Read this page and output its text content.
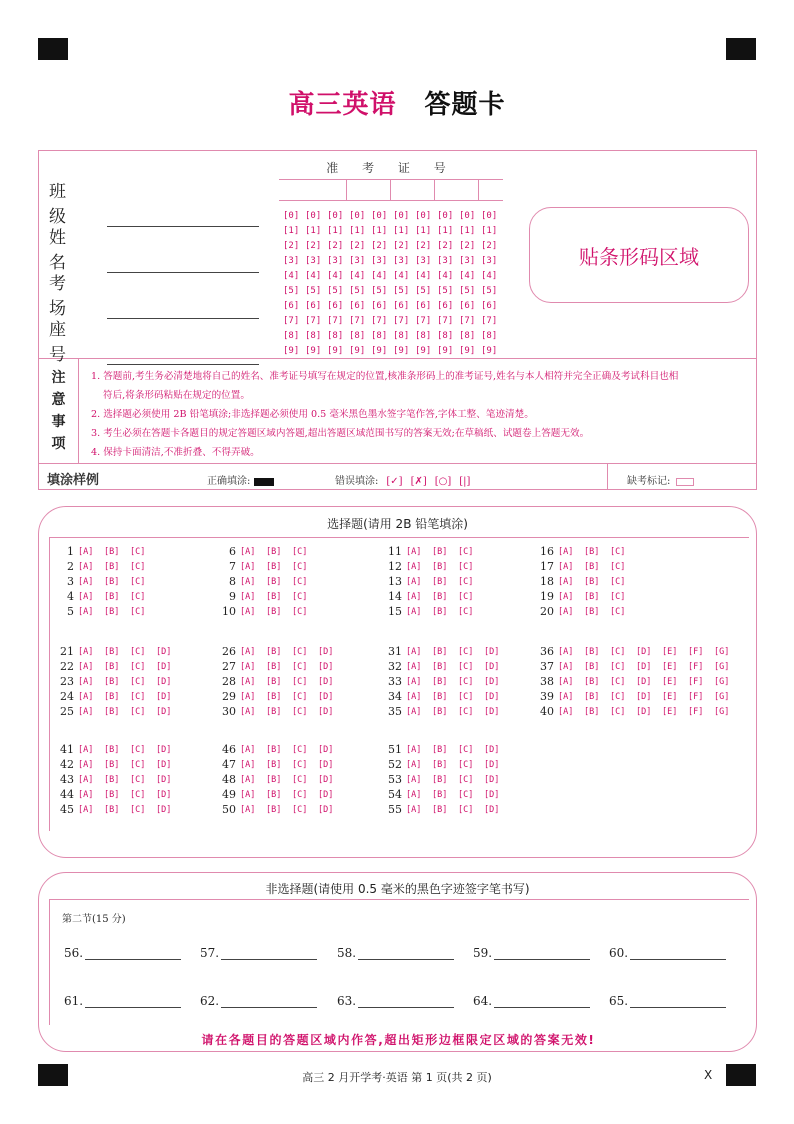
高三英语 答题卡
班 级
姓 名
考 场
座 号
准 考 证 号
[0] [0] [0] [0] [0] [0] [0] [0] [0] [0]
[1] [1] [1] [1] [1] [1] [1] [1] [1] [1]
[2] [2] [2] [2] [2] [2] [2] [2] [2] [2]
[3] [3] [3] [3] [3] [3] [3] [3] [3] [3]
[4] [4] [4] [4] [4] [4] [4] [4] [4] [4]
[5] [5] [5] [5] [5] [5] [5] [5] [5] [5]
[6] [6] [6] [6] [6] [6] [6] [6] [6] [6]
[7] [7] [7] [7] [7] [7] [7] [7] [7] [7]
[8] [8] [8] [8] [8] [8] [8] [8] [8] [8]
[9] [9] [9] [9] [9] [9] [9] [9] [9] [9]
贴条形码区域
注
意
事
项
1. 答题前,考生务必清楚地将自己的姓名、准考证号填写在规定的位置,核准条形码上的准考证号,姓名与本人相符并完全正确及考试科目也相
符后,将条形码粘贴在规定的位置。
2. 选择题必须使用 2B 铅笔填涂;非选择题必须使用 0.5 毫米黑色墨水签字笔作答,字体工整、笔迹清楚。
3. 考生必须在答题卡各题目的规定答题区域内答题,超出答题区域范围书写的答案无效;在草稿纸、试题卷上答题无效。
4. 保持卡面清洁,不准折叠、不得弄破。
填涂样例	正确填涂:	错误填涂: [✓] [✗] [○] [|]	缺考标记:
选择题(请用 2B 铅笔填涂)
1 [A]	[B]	[C]
2 [A]	[B]	[C]
3 [A]	[B]	[C]
4 [A]	[B]	[C]
5 [A]	[B]	[C]
6 [A]	[B]	[C]
7 [A]	[B]	[C]
8 [A]	[B]	[C]
9 [A]	[B]	[C]
10 [A]	[B]	[C]
11 [A]	[B]	[C]
12 [A]	[B]	[C]
13 [A]	[B]	[C]
14 [A]	[B]	[C]
15 [A]	[B]	[C]
16 [A]	[B]	[C]
17 [A]	[B]	[C]
18 [A]	[B]	[C]
19 [A]	[B]	[C]
20 [A]	[B]	[C]
21 [A]	[B]	[C]	[D]
22 [A]	[B]	[C]	[D]
23 [A]	[B]	[C]	[D]
24 [A]	[B]	[C]	[D]
25 [A]	[B]	[C]	[D]
26 [A]	[B]	[C]	[D]
27 [A]	[B]	[C]	[D]
28 [A]	[B]	[C]	[D]
29 [A]	[B]	[C]	[D]
30 [A]	[B]	[C]	[D]
31 [A]	[B]	[C]	[D]
32 [A]	[B]	[C]	[D]
33 [A]	[B]	[C]	[D]
34 [A]	[B]	[C]	[D]
35 [A]	[B]	[C]	[D]
36 [A]	[B]	[C]	[D]	[E]	[F]	[G]
37 [A]	[B]	[C]	[D]	[E]	[F]	[G]
38 [A]	[B]	[C]	[D]	[E]	[F]	[G]
39 [A]	[B]	[C]	[D]	[E]	[F]	[G]
40 [A]	[B]	[C]	[D]	[E]	[F]	[G]
41 [A]	[B]	[C]	[D]
42 [A]	[B]	[C]	[D]
43 [A]	[B]	[C]	[D]
44 [A]	[B]	[C]	[D]
45 [A]	[B]	[C]	[D]
46 [A]	[B]	[C]	[D]
47 [A]	[B]	[C]	[D]
48 [A]	[B]	[C]	[D]
49 [A]	[B]	[C]	[D]
50 [A]	[B]	[C]	[D]
51 [A]	[B]	[C]	[D]
52 [A]	[B]	[C]	[D]
53 [A]	[B]	[C]	[D]
54 [A]	[B]	[C]	[D]
55 [A]	[B]	[C]	[D]
非选择题(请使用 0.5 毫米的黑色字迹签字笔书写)
第二节(15 分)
56.	57.	58.	59.	60.
61.	62.	63.	64.	65.
请在各题目的答题区域内作答,超出矩形边框限定区域的答案无效!
高三 2 月开学考·英语 第 1 页(共 2 页)	X
